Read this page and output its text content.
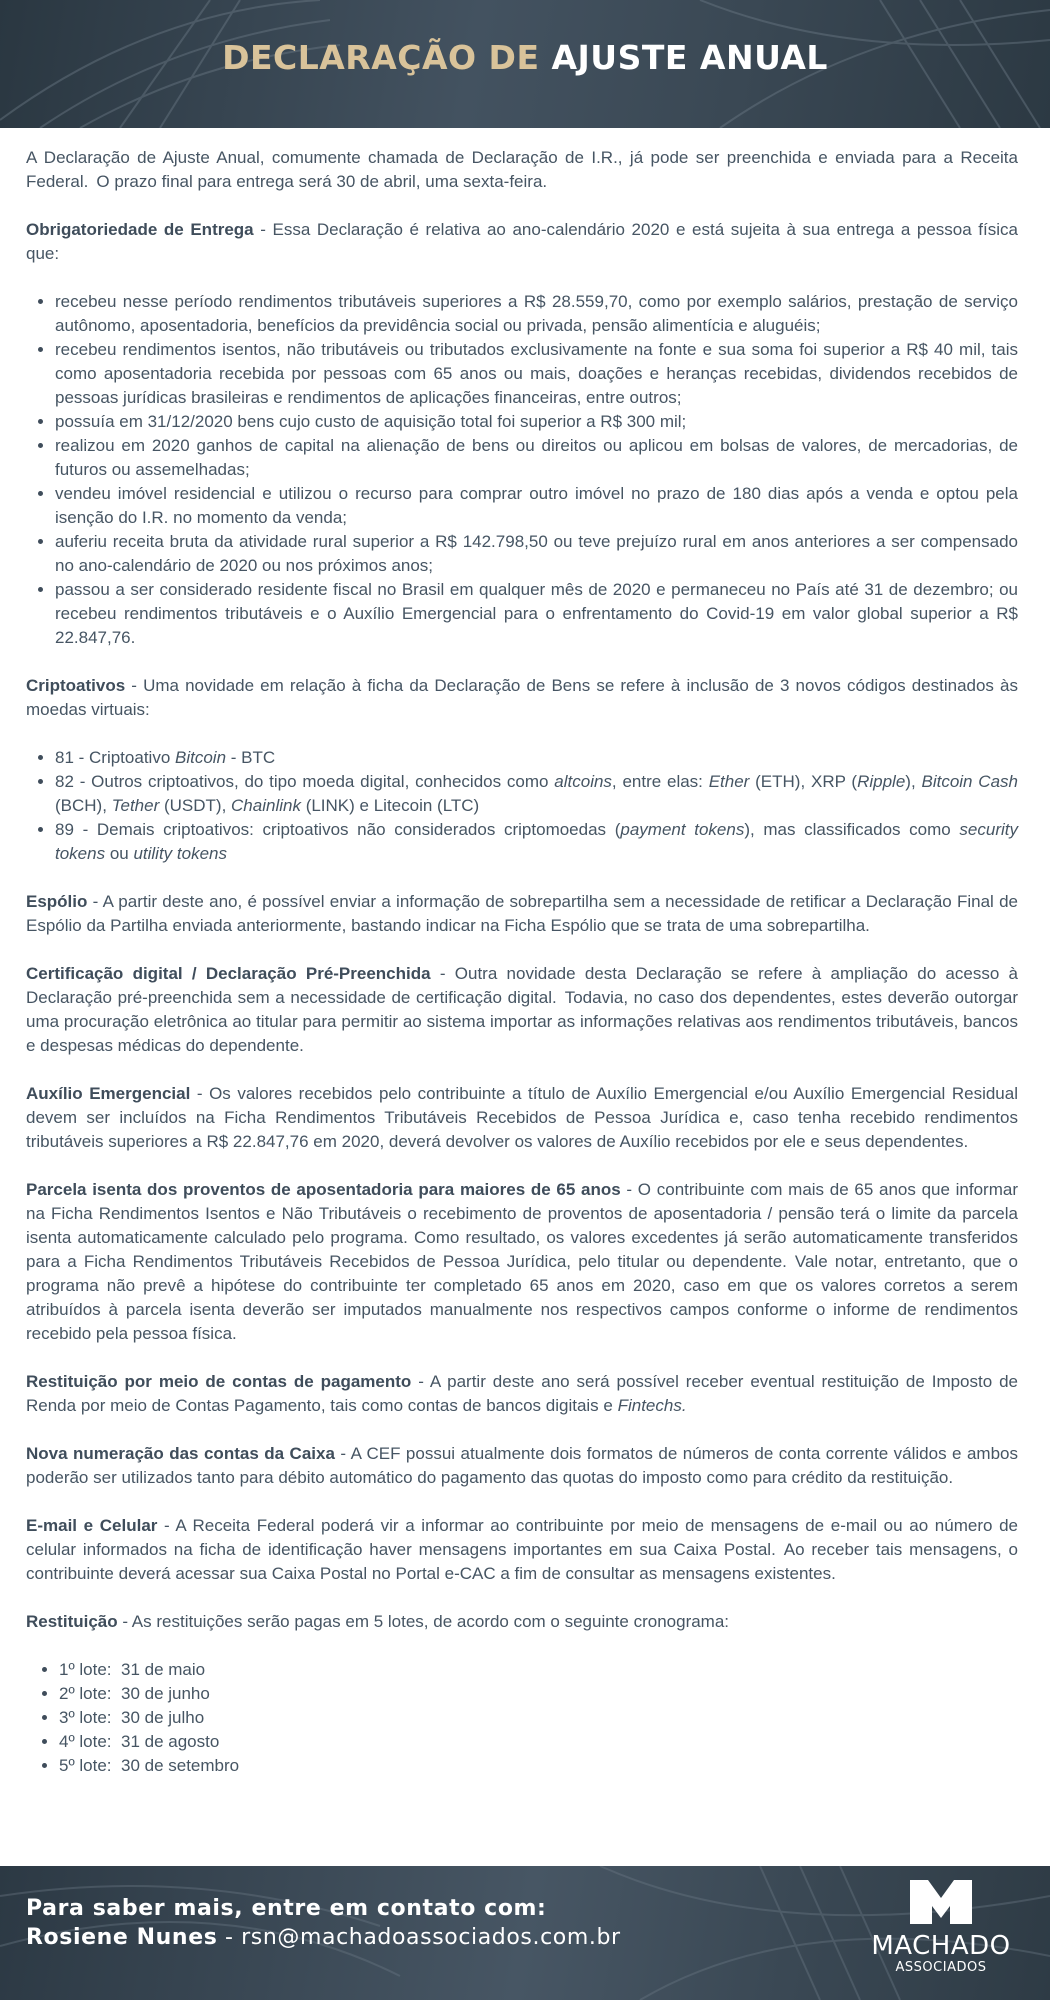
DECLARAÇÃO DE AJUSTE ANUAL

A Declaração de Ajuste Anual, comumente chamada de Declaração de I.R., já pode ser preenchida e enviada para a Receita Federal. O prazo final para entrega será 30 de abril, uma sexta-feira.

Obrigatoriedade de Entrega - Essa Declaração é relativa ao ano-calendário 2020 e está sujeita à sua entrega a pessoa física que:

• recebeu nesse período rendimentos tributáveis superiores a R$ 28.559,70, como por exemplo salários, prestação de serviço autônomo, aposentadoria, benefícios da previdência social ou privada, pensão alimentícia e aluguéis;
• recebeu rendimentos isentos, não tributáveis ou tributados exclusivamente na fonte e sua soma foi superior a R$ 40 mil, tais como aposentadoria recebida por pessoas com 65 anos ou mais, doações e heranças recebidas, dividendos recebidos de pessoas jurídicas brasileiras e rendimentos de aplicações financeiras, entre outros;
• possuía em 31/12/2020 bens cujo custo de aquisição total foi superior a R$ 300 mil;
• realizou em 2020 ganhos de capital na alienação de bens ou direitos ou aplicou em bolsas de valores, de mercadorias, de futuros ou assemelhadas;
• vendeu imóvel residencial e utilizou o recurso para comprar outro imóvel no prazo de 180 dias após a venda e optou pela isenção do I.R. no momento da venda;
• auferiu receita bruta da atividade rural superior a R$ 142.798,50 ou teve prejuízo rural em anos anteriores a ser compensado no ano-calendário de 2020 ou nos próximos anos;
• passou a ser considerado residente fiscal no Brasil em qualquer mês de 2020 e permaneceu no País até 31 de dezembro; ou recebeu rendimentos tributáveis e o Auxílio Emergencial para o enfrentamento do Covid-19 em valor global superior a R$ 22.847,76.

Criptoativos - Uma novidade em relação à ficha da Declaração de Bens se refere à inclusão de 3 novos códigos destinados às moedas virtuais:

• 81 - Criptoativo Bitcoin - BTC
• 82 - Outros criptoativos, do tipo moeda digital, conhecidos como altcoins, entre elas: Ether (ETH), XRP (Ripple), Bitcoin Cash (BCH), Tether (USDT), Chainlink (LINK) e Litecoin (LTC)
• 89 - Demais criptoativos: criptoativos não considerados criptomoedas (payment tokens), mas classificados como security tokens ou utility tokens

Espólio - A partir deste ano, é possível enviar a informação de sobrepartilha sem a necessidade de retificar a Declaração Final de Espólio da Partilha enviada anteriormente, bastando indicar na Ficha Espólio que se trata de uma sobrepartilha.

Certificação digital / Declaração Pré-Preenchida - Outra novidade desta Declaração se refere à ampliação do acesso à Declaração pré-preenchida sem a necessidade de certificação digital. Todavia, no caso dos dependentes, estes deverão outorgar uma procuração eletrônica ao titular para permitir ao sistema importar as informações relativas aos rendimentos tributáveis, bancos e despesas médicas do dependente.

Auxílio Emergencial - Os valores recebidos pelo contribuinte a título de Auxílio Emergencial e/ou Auxílio Emergencial Residual devem ser incluídos na Ficha Rendimentos Tributáveis Recebidos de Pessoa Jurídica e, caso tenha recebido rendimentos tributáveis superiores a R$ 22.847,76 em 2020, deverá devolver os valores de Auxílio recebidos por ele e seus dependentes.

Parcela isenta dos proventos de aposentadoria para maiores de 65 anos - O contribuinte com mais de 65 anos que informar na Ficha Rendimentos Isentos e Não Tributáveis o recebimento de proventos de aposentadoria / pensão terá o limite da parcela isenta automaticamente calculado pelo programa. Como resultado, os valores excedentes já serão automaticamente transferidos para a Ficha Rendimentos Tributáveis Recebidos de Pessoa Jurídica, pelo titular ou dependente. Vale notar, entretanto, que o programa não prevê a hipótese do contribuinte ter completado 65 anos em 2020, caso em que os valores corretos a serem atribuídos à parcela isenta deverão ser imputados manualmente nos respectivos campos conforme o informe de rendimentos recebido pela pessoa física.

Restituição por meio de contas de pagamento - A partir deste ano será possível receber eventual restituição de Imposto de Renda por meio de Contas Pagamento, tais como contas de bancos digitais e Fintechs.

Nova numeração das contas da Caixa - A CEF possui atualmente dois formatos de números de conta corrente válidos e ambos poderão ser utilizados tanto para débito automático do pagamento das quotas do imposto como para crédito da restituição.

E-mail e Celular - A Receita Federal poderá vir a informar ao contribuinte por meio de mensagens de e-mail ou ao número de celular informados na ficha de identificação haver mensagens importantes em sua Caixa Postal. Ao receber tais mensagens, o contribuinte deverá acessar sua Caixa Postal no Portal e-CAC a fim de consultar as mensagens existentes.

Restituição - As restituições serão pagas em 5 lotes, de acordo com o seguinte cronograma:

• 1º lote: 31 de maio
• 2º lote: 30 de junho
• 3º lote: 30 de julho
• 4º lote: 31 de agosto
• 5º lote: 30 de setembro
Para saber mais, entre em contato com:
Rosiene Nunes - rsn@machadoassociados.com.br	MACHADO
ASSOCIADOS
